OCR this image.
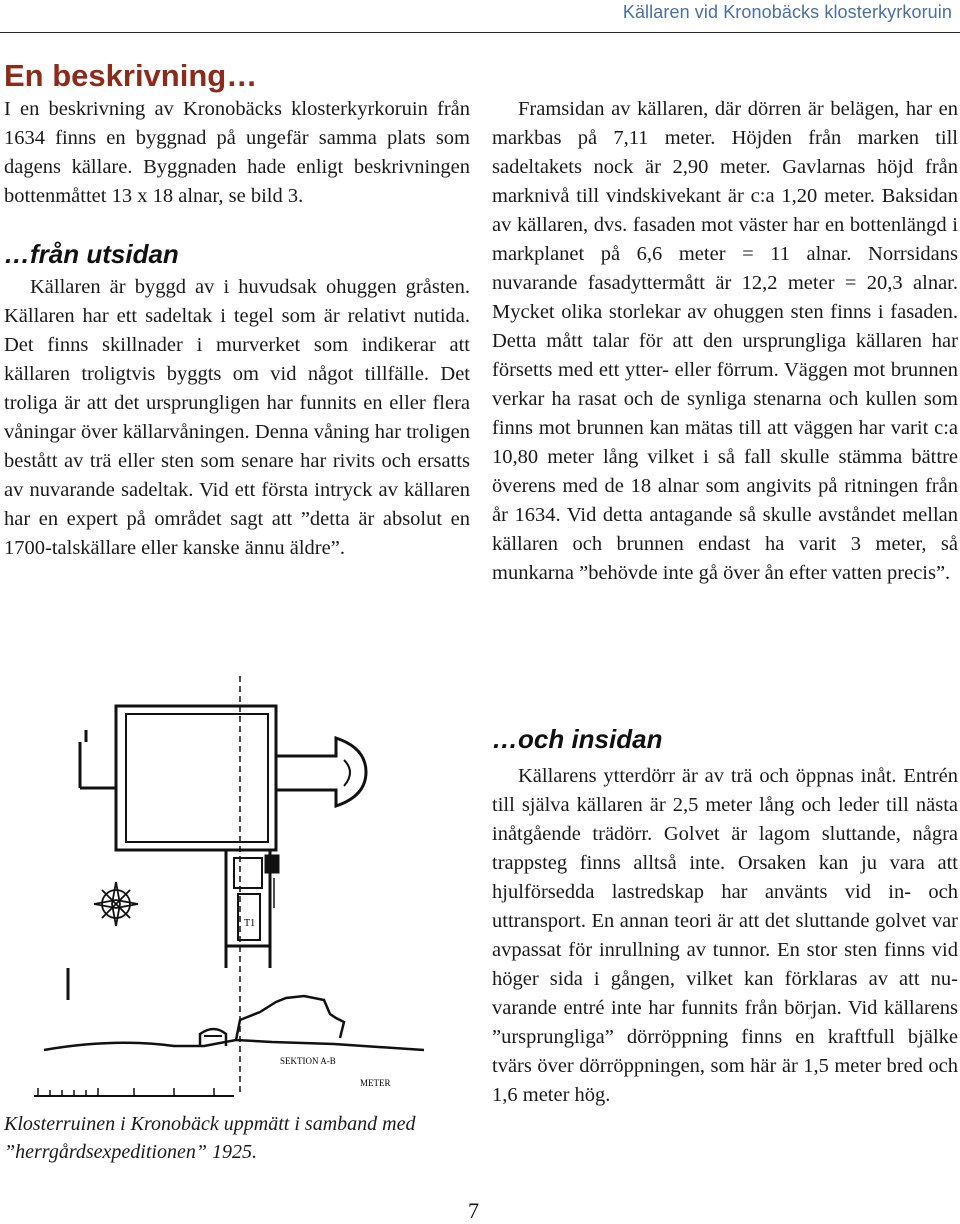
Källaren vid Kronobäcks klosterkyrkoruin
En beskrivning…

I en beskrivning av Kronobäcks klosterkyrkoruin från 1634 finns en byggnad på ungefär samma plats som dagens källare. Byggnaden hade enligt beskrivningen bottenmåttet 13 x 18 alnar, se bild 3.

…från utsidan

Källaren är byggd av i huvudsak ohuggen gråsten. Källaren har ett sadeltak i tegel som är relativt nutida. Det finns skillnader i murverket som indikerar att källaren troligtvis byggts om vid något tillfälle. Det troliga är att det ursprungligen har funnits en eller flera våningar över källarvåningen. Denna våning har troligen bestått av trä eller sten som senare har rivits och ersatts av nuvarande sadeltak. Vid ett första intryck av källaren har en expert på området sagt att ”detta är absolut en 1700-talskällare eller kanske ännu äldre”.

Framsidan av källaren, där dörren är belägen, har en markbas på 7,11 meter. Höjden från marken till sadeltakets nock är 2,90 meter. Gavlarnas höjd från marknivå till vindskivekant är c:a 1,20 meter. Baksidan av källaren, dvs. fasaden mot väster har en bottenlängd i markplanet på 6,6 meter = 11 alnar. Norrsidans nuvarande fasadyttermått är 12,2 meter = 20,3 alnar. Mycket olika storlekar av ohuggen sten finns i fasaden. Detta mått talar för att den ursprungliga källaren har försetts med ett ytter- eller förrum. Väggen mot brunnen verkar ha rasat och de synliga stenarna och kullen som finns mot brunnen kan mätas till att väggen har varit c:a 10,80 meter lång vilket i så fall skulle stämma bättre överens med de 18 alnar som angivits på ritningen från år 1634. Vid detta antagande så skulle avståndet mellan källaren och brunnen endast ha varit 3 meter, så munkarna ”behövde inte gå över ån efter vatten precis”.

T1
SEKTION A-B
METER
Klosterruinen i Kronobäck uppmätt i samband med ”herrgårdsexpeditionen” 1925.
…och insidan

Källarens ytterdörr är av trä och öppnas inåt. Entrén till själva källaren är 2,5 meter lång och leder till nästa inåtgående trädörr. Golvet är lagom sluttande, några trappsteg finns alltså inte. Orsaken kan ju vara att hjulförsedda lastredskap har använts vid in- och uttransport. En annan teori är att det sluttande golvet var avpassat för inrullning av tunnor. En stor sten finns vid höger sida i gången, vilket kan förklaras av att nuvarande entré inte har funnits från början. Vid källarens ”ursprungliga” dörröppning finns en kraftfull bjälke tvärs över dörröppningen, som här är 1,5 meter bred och 1,6 meter hög.

7
